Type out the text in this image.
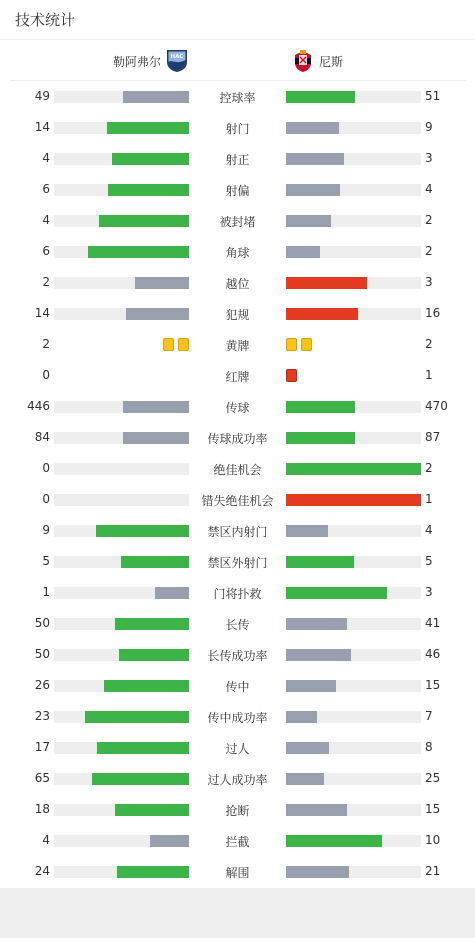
技术统计
勒阿弗尔 HAC	尼斯
49	控球率	51
14	射门	9
4	射正	3
6	射偏	4
4	被封堵	2
6	角球	2
2	越位	3
14	犯规	16
2	黄牌	2
0	红牌	1
446	传球	470
84	传球成功率	87
0	绝佳机会	2
0	错失绝佳机会	1
9	禁区内射门	4
5	禁区外射门	5
1	门将扑救	3
50	长传	41
50	长传成功率	46
26	传中	15
23	传中成功率	7
17	过人	8
65	过人成功率	25
18	抢断	15
4	拦截	10
24	解围	21
